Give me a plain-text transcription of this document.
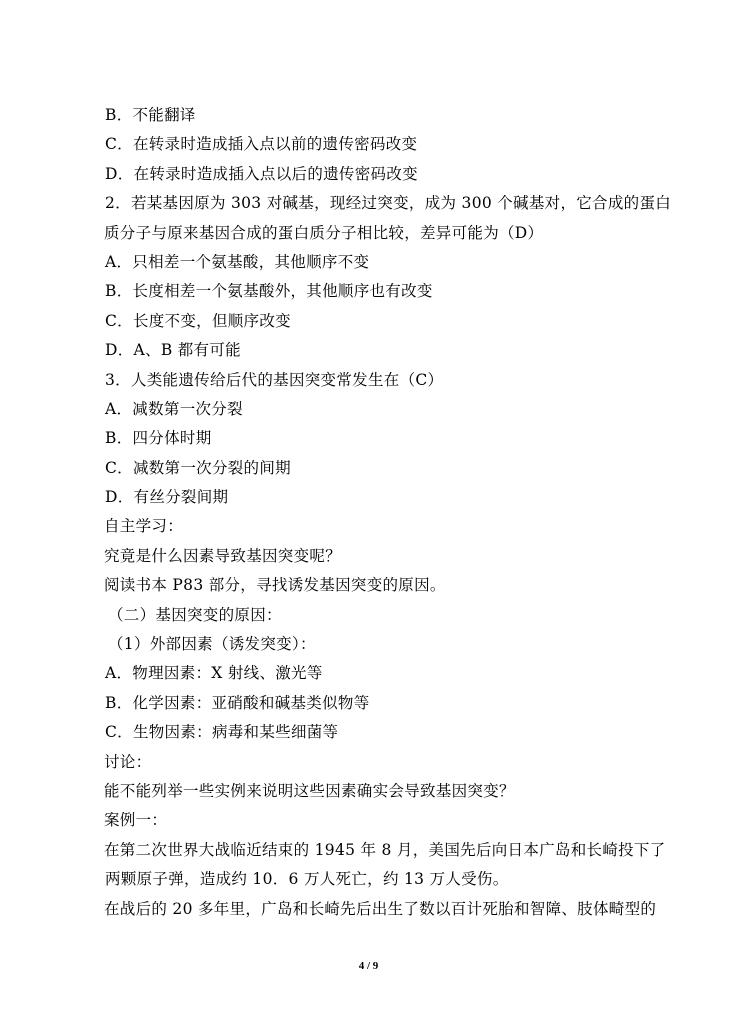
B．不能翻译
C．在转录时造成插入点以前的遗传密码改变
D．在转录时造成插入点以后的遗传密码改变
2．若某基因原为 303 对碱基，现经过突变，成为 300 个碱基对，它合成的蛋白
质分子与原来基因合成的蛋白质分子相比较，差异可能为（D）
A．只相差一个氨基酸，其他顺序不变
B．长度相差一个氨基酸外，其他顺序也有改变
C．长度不变，但顺序改变
D．A、B 都有可能
3．人类能遗传给后代的基因突变常发生在（C）
A．减数第一次分裂
B．四分体时期
C．减数第一次分裂的间期
D．有丝分裂间期
自主学习：
究竟是什么因素导致基因突变呢？
阅读书本 P83 部分，寻找诱发基因突变的原因。
（二）基因突变的原因：
（1）外部因素（诱发突变）：
A．物理因素：X 射线、激光等
B．化学因素：亚硝酸和碱基类似物等
C．生物因素：病毒和某些细菌等
讨论：
能不能列举一些实例来说明这些因素确实会导致基因突变？
案例一：
在第二次世界大战临近结束的 1945 年 8 月，美国先后向日本广岛和长崎投下了
两颗原子弹，造成约 10．6 万人死亡，约 13 万人受伤。
在战后的 20 多年里，广岛和长崎先后出生了数以百计死胎和智障、肢体畸型的
4 / 9
